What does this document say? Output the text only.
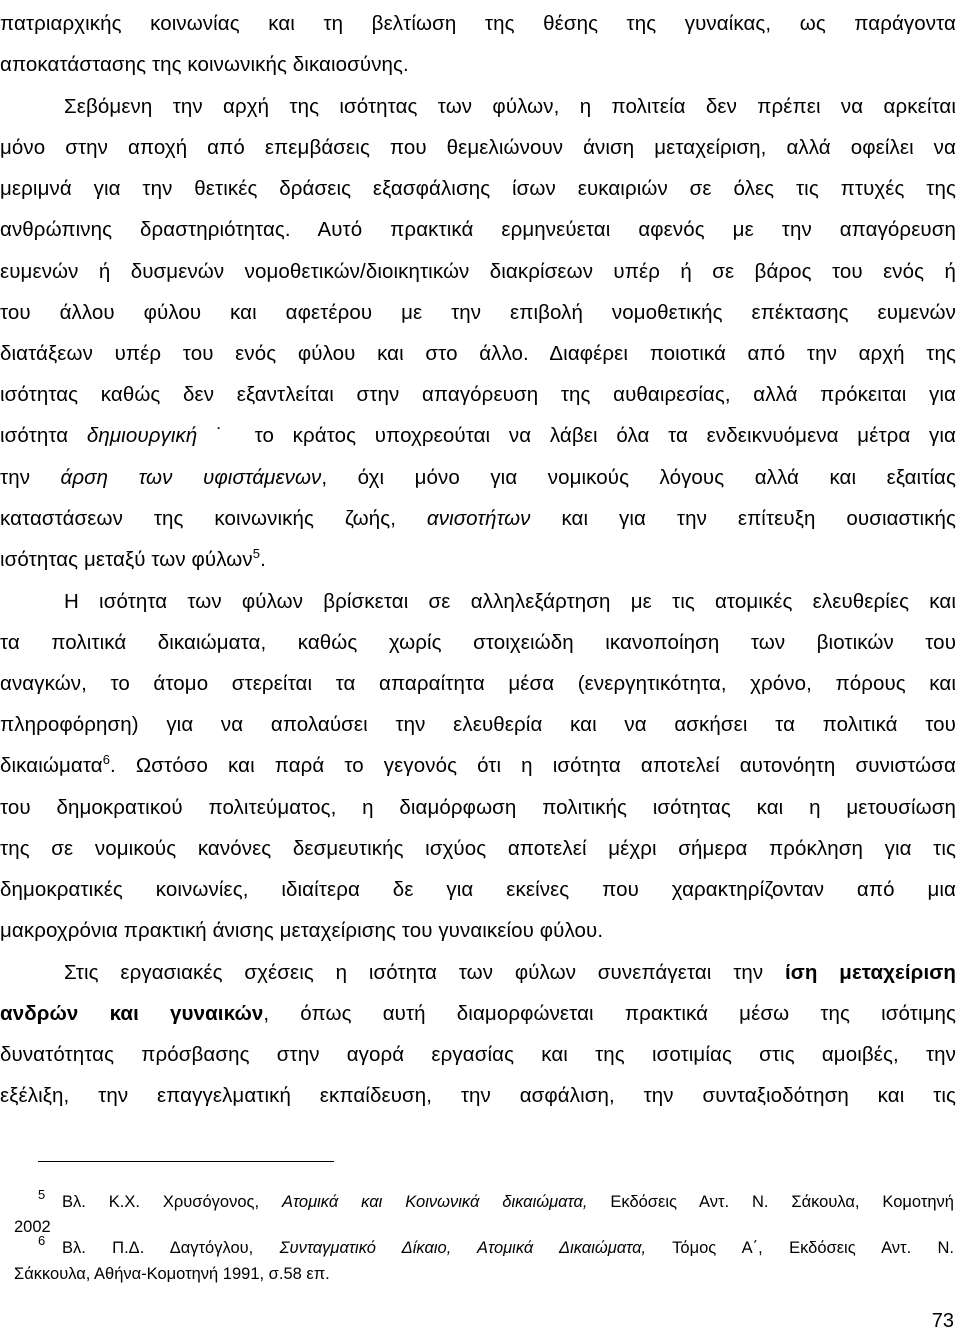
πατριαρχικής κοινωνίας και τη βελτίωση της θέσης της γυναίκας, ως παράγοντα
αποκατάστασης της κοινωνικής δικαιοσύνης.
Σεβόμενη την αρχή της ισότητας των φύλων, η πολιτεία δεν πρέπει να αρκείται
μόνο στην αποχή από επεμβάσεις που θεμελιώνουν άνιση μεταχείριση, αλλά οφείλει να
μεριμνά για την θετικές δράσεις εξασφάλισης ίσων ευκαιριών σε όλες τις πτυχές της
ανθρώπινης δραστηριότητας. Αυτό πρακτικά ερμηνεύεται αφενός με την απαγόρευση
ευμενών ή δυσμενών νομοθετικών/διοικητικών διακρίσεων υπέρ ή σε βάρος του ενός ή
του άλλου φύλου και αφετέρου με την επιβολή νομοθετικής επέκτασης ευμενών
διατάξεων υπέρ του ενός φύλου και στο άλλο. Διαφέρει ποιοτικά από την αρχή της
ισότητας καθώς δεν εξαντλείται στην απαγόρευση της αυθαιρεσίας, αλλά πρόκειται για
ισότητα δημιουργική ˙ το κράτος υποχρεούται να λάβει όλα τα ενδεικνυόμενα μέτρα για
την άρση των υφιστάμενων, όχι μόνο για νομικούς λόγους αλλά και εξαιτίας
καταστάσεων της κοινωνικής ζωής, ανισοτήτων και για την επίτευξη ουσιαστικής
ισότητας μεταξύ των φύλων$^5$.
Η ισότητα των φύλων βρίσκεται σε αλληλεξάρτηση με τις ατομικές ελευθερίες και
τα πολιτικά δικαιώματα, καθώς χωρίς στοιχειώδη ικανοποίηση των βιοτικών του
αναγκών, το άτομο στερείται τα απαραίτητα μέσα (ενεργητικότητα, χρόνο, πόρους και
πληροφόρηση) για να απολαύσει την ελευθερία και να ασκήσει τα πολιτικά του
δικαιώματα$^6$. Ωστόσο και παρά το γεγονός ότι η ισότητα αποτελεί αυτονόητη συνιστώσα
του δημοκρατικού πολιτεύματος, η διαμόρφωση πολιτικής ισότητας και η μετουσίωση
της σε νομικούς κανόνες δεσμευτικής ισχύος αποτελεί μέχρι σήμερα πρόκληση για τις
δημοκρατικές κοινωνίες, ιδιαίτερα δε για εκείνες που χαρακτηρίζονταν από μια
μακροχρόνια πρακτική άνισης μεταχείρισης του γυναικείου φύλου.
Στις εργασιακές σχέσεις η ισότητα των φύλων συνεπάγεται την ίση μεταχείριση
ανδρών και γυναικών, όπως αυτή διαμορφώνεται πρακτικά μέσω της ισότιμης
δυνατότητας πρόσβασης στην αγορά εργασίας και της ισοτιμίας στις αμοιβές, την
εξέλιξη, την επαγγελματική εκπαίδευση, την ασφάλιση, την συνταξιοδότηση και τις
$^5$ Βλ. Κ.Χ. Χρυσόγονος, Ατομικά και Κοινωνικά δικαιώματα, Εκδόσεις Αντ. Ν. Σάκουλα, Κομοτηνή
2002
$^6$ Βλ. Π.Δ. Δαγτόγλου, Συνταγματικό Δίκαιο, Ατομικά Δικαιώματα, Τόμος Α΄, Εκδόσεις Αντ. Ν.
Σάκκουλα, Αθήνα-Κομοτηνή 1991, σ.58 επ.
73
